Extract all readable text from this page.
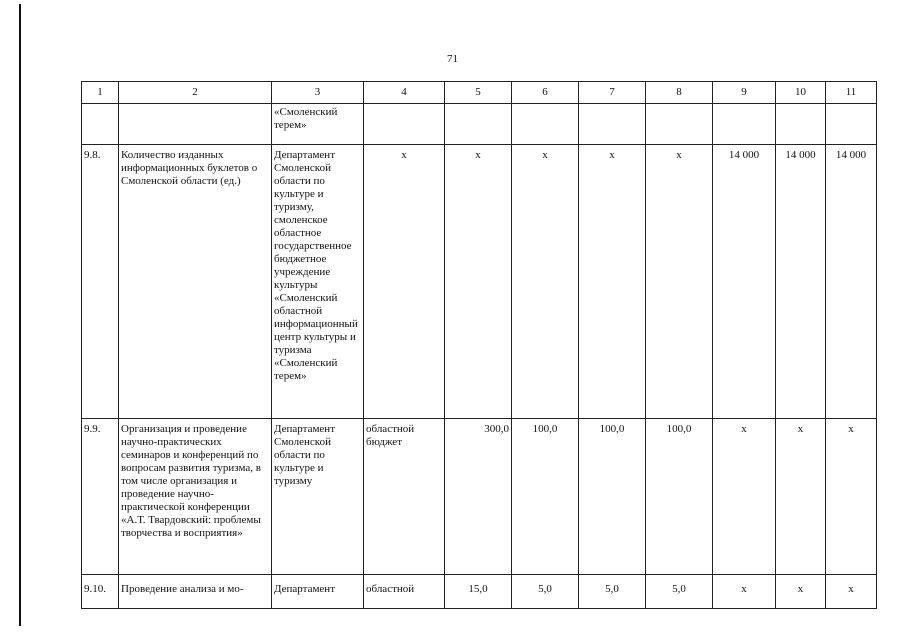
71
1	2	3	4	5	6	7	8	9	10	11
		«Смоленский терем»								
9.8.	Количество изданных информационных буклетов о Смоленской области (ед.)	Департамент Смоленской области по культуре и туризму, смоленское областное государственное бюджетное учреждение культуры «Смоленский областной информационный центр культуры и туризма «Смоленский терем»	х	х	х	х	х	14 000	14 000	14 000
9.9.	Организация и проведение научно-практических семинаров и конференций по вопросам развития туризма, в том числе организация и проведение научно-практической конференции «А.Т. Твардовский: проблемы творчества и восприятия»	Департамент Смоленской области по культуре и туризму	областной бюджет	300,0	100,0	100,0	100,0	х	х	х
9.10.	Проведение анализа и мо-	Департамент	областной	15,0	5,0	5,0	5,0	х	х	х
